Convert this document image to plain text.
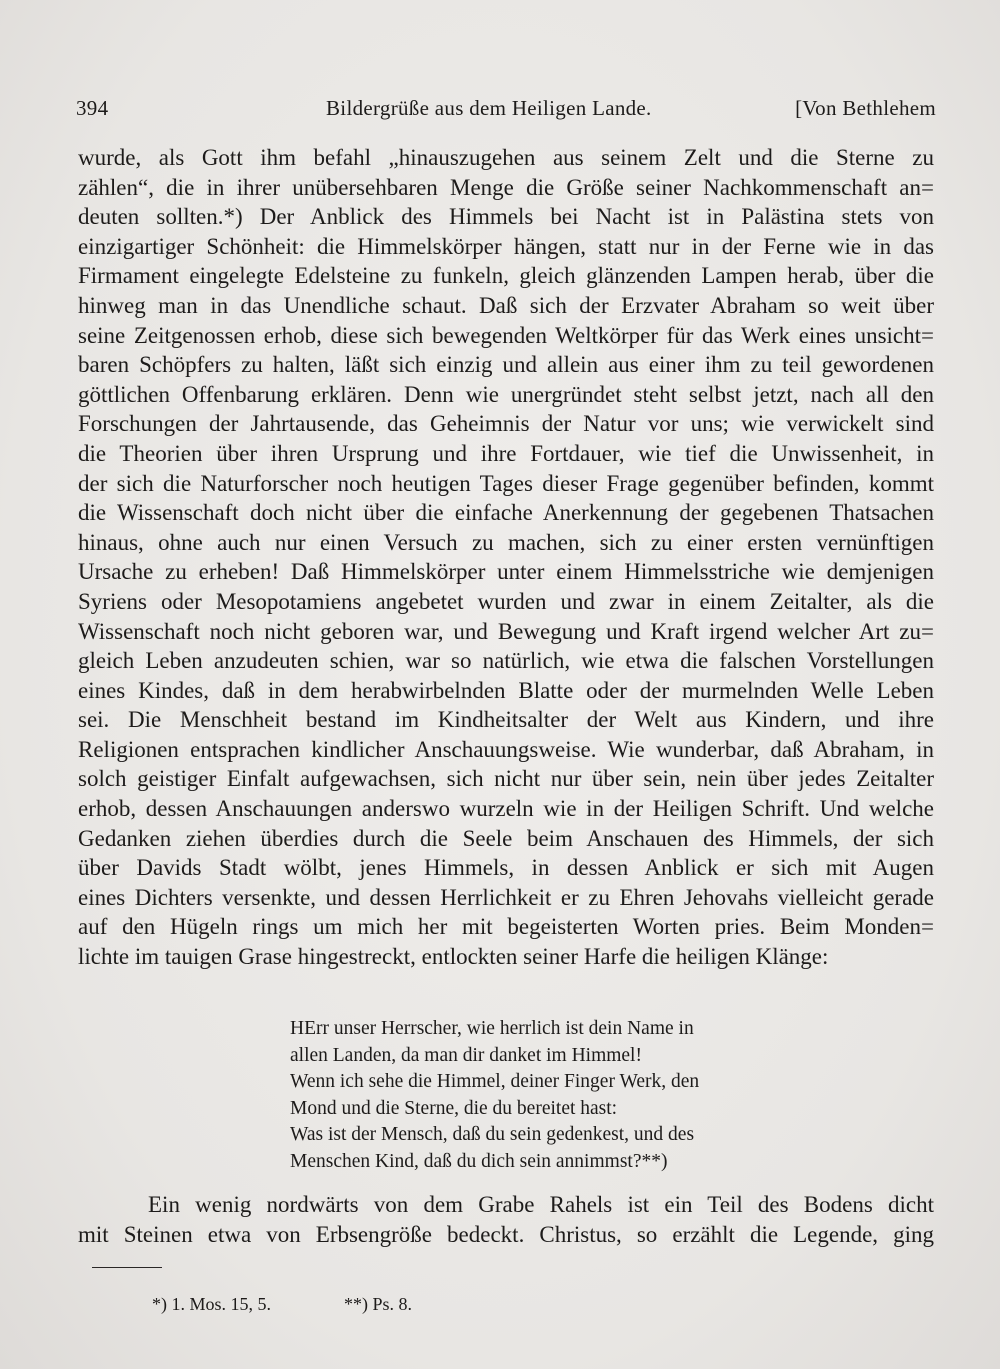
394	Bildergrüße aus dem Heiligen Lande.	[Von Bethlehem
wurde, als Gott ihm befahl „hinauszugehen aus seinem Zelt und die Sterne zu
zählen“, die in ihrer unübersehbaren Menge die Größe seiner Nachkommenschaft an=
deuten sollten.*) Der Anblick des Himmels bei Nacht ist in Palästina stets von
einzigartiger Schönheit: die Himmelskörper hängen, statt nur in der Ferne wie in das
Firmament eingelegte Edelsteine zu funkeln, gleich glänzenden Lampen herab, über die
hinweg man in das Unendliche schaut. Daß sich der Erzvater Abraham so weit über
seine Zeitgenossen erhob, diese sich bewegenden Weltkörper für das Werk eines unsicht=
baren Schöpfers zu halten, läßt sich einzig und allein aus einer ihm zu teil gewordenen
göttlichen Offenbarung erklären. Denn wie unergründet steht selbst jetzt, nach all den
Forschungen der Jahrtausende, das Geheimnis der Natur vor uns; wie verwickelt sind
die Theorien über ihren Ursprung und ihre Fortdauer, wie tief die Unwissenheit, in
der sich die Naturforscher noch heutigen Tages dieser Frage gegenüber befinden, kommt
die Wissenschaft doch nicht über die einfache Anerkennung der gegebenen Thatsachen
hinaus, ohne auch nur einen Versuch zu machen, sich zu einer ersten vernünftigen
Ursache zu erheben! Daß Himmelskörper unter einem Himmelsstriche wie demjenigen
Syriens oder Mesopotamiens angebetet wurden und zwar in einem Zeitalter, als die
Wissenschaft noch nicht geboren war, und Bewegung und Kraft irgend welcher Art zu=
gleich Leben anzudeuten schien, war so natürlich, wie etwa die falschen Vorstellungen
eines Kindes, daß in dem herabwirbelnden Blatte oder der murmelnden Welle Leben
sei. Die Menschheit bestand im Kindheitsalter der Welt aus Kindern, und ihre
Religionen entsprachen kindlicher Anschauungsweise. Wie wunderbar, daß Abraham, in
solch geistiger Einfalt aufgewachsen, sich nicht nur über sein, nein über jedes Zeitalter
erhob, dessen Anschauungen anderswo wurzeln wie in der Heiligen Schrift. Und welche
Gedanken ziehen überdies durch die Seele beim Anschauen des Himmels, der sich
über Davids Stadt wölbt, jenes Himmels, in dessen Anblick er sich mit Augen
eines Dichters versenkte, und dessen Herrlichkeit er zu Ehren Jehovahs vielleicht gerade
auf den Hügeln rings um mich her mit begeisterten Worten pries. Beim Monden=
lichte im tauigen Grase hingestreckt, entlockten seiner Harfe die heiligen Klänge:
HErr unser Herrscher, wie herrlich ist dein Name in
allen Landen, da man dir danket im Himmel!
Wenn ich sehe die Himmel, deiner Finger Werk, den
Mond und die Sterne, die du bereitet hast:
Was ist der Mensch, daß du sein gedenkest, und des
Menschen Kind, daß du dich sein annimmst?**)
Ein wenig nordwärts von dem Grabe Rahels ist ein Teil des Bodens dicht
mit Steinen etwa von Erbsengröße bedeckt. Christus, so erzählt die Legende, ging
*) 1. Mos. 15, 5.	**) Ps. 8.
